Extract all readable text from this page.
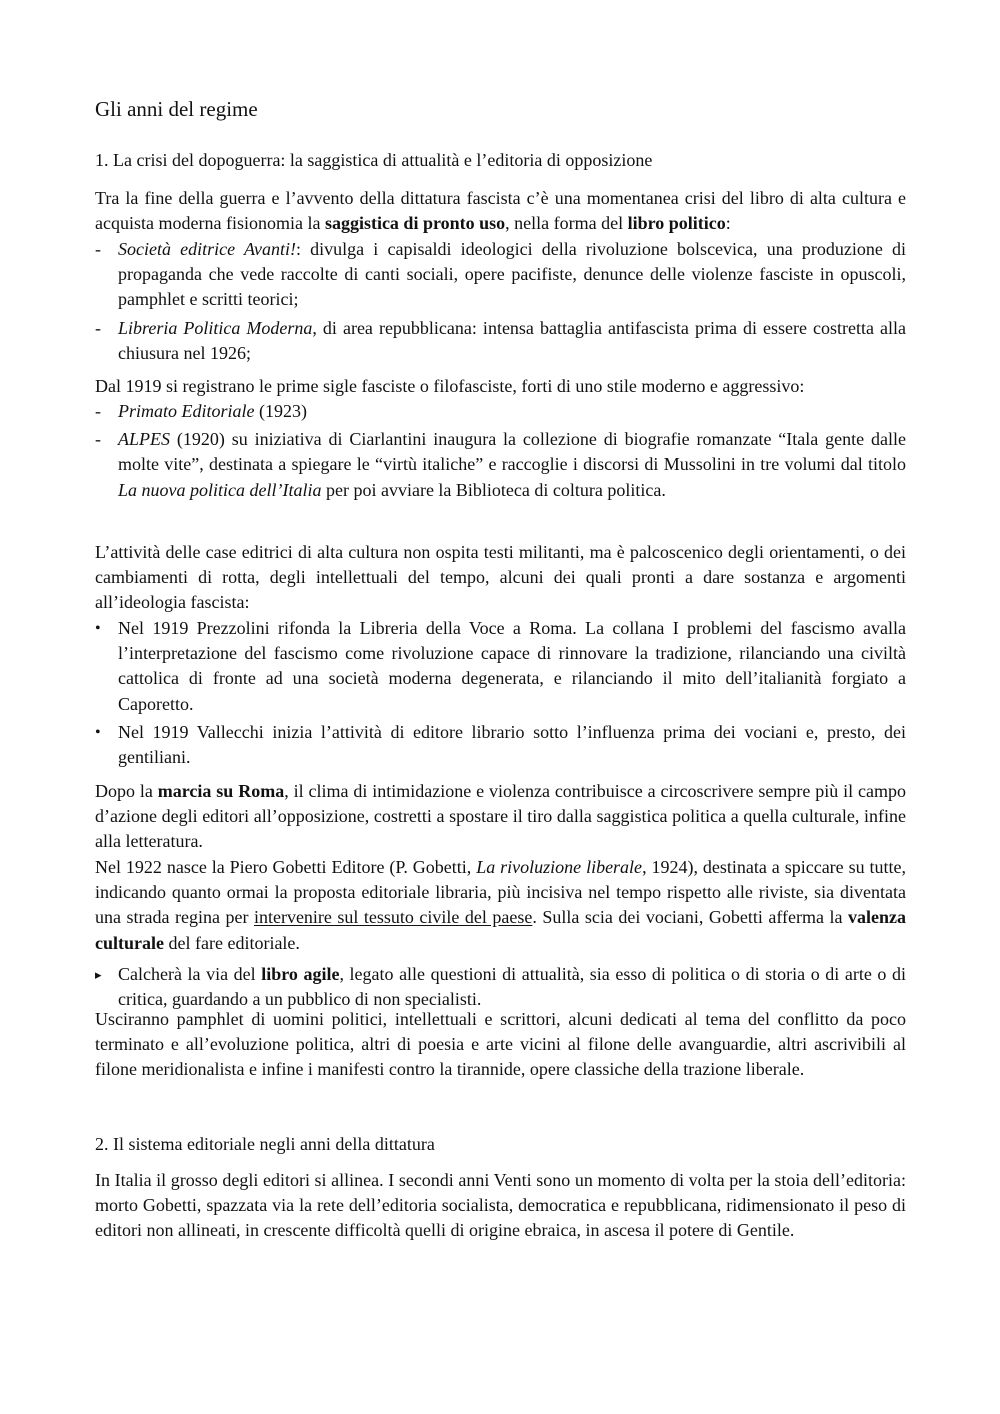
Gli anni del regime
1. La crisi del dopoguerra: la saggistica di attualità e l’editoria di opposizione

Tra la fine della guerra e l’avvento della dittatura fascista c’è una momentanea crisi del libro di alta cultura e acquista moderna fisionomia la saggistica di pronto uso, nella forma del libro politico:

- Società editrice Avanti!: divulga i capisaldi ideologici della rivoluzione bolscevica, una produzione di propaganda che vede raccolte di canti sociali, opere pacifiste, denunce delle violenze fasciste in opuscoli, pamphlet e scritti teorici;
- Libreria Politica Moderna, di area repubblicana: intensa battaglia antifascista prima di essere costretta alla chiusura nel 1926;

Dal 1919 si registrano le prime sigle fasciste o filofasciste, forti di uno stile moderno e aggressivo:

- Primato Editoriale (1923)
- ALPES (1920) su iniziativa di Ciarlantini inaugura la collezione di biografie romanzate “Itala gente dalle molte vite”, destinata a spiegare le “virtù italiche” e raccoglie i discorsi di Mussolini in tre volumi dal titolo La nuova politica dell’Italia per poi avviare la Biblioteca di coltura politica.

L’attività delle case editrici di alta cultura non ospita testi militanti, ma è palcoscenico degli orientamenti, o dei cambiamenti di rotta, degli intellettuali del tempo, alcuni dei quali pronti a dare sostanza e argomenti all’ideologia fascista:

• Nel 1919 Prezzolini rifonda la Libreria della Voce a Roma. La collana I problemi del fascismo avalla l’interpretazione del fascismo come rivoluzione capace di rinnovare la tradizione, rilanciando una civiltà cattolica di fronte ad una società moderna degenerata, e rilanciando il mito dell’italianità forgiato a Caporetto.
• Nel 1919 Vallecchi inizia l’attività di editore librario sotto l’influenza prima dei vociani e, presto, dei gentiliani.

Dopo la marcia su Roma, il clima di intimidazione e violenza contribuisce a circoscrivere sempre più il campo d’azione degli editori all’opposizione, costretti a spostare il tiro dalla saggistica politica a quella culturale, infine alla letteratura.

Nel 1922 nasce la Piero Gobetti Editore (P. Gobetti, La rivoluzione liberale, 1924), destinata a spiccare su tutte, indicando quanto ormai la proposta editoriale libraria, più incisiva nel tempo rispetto alle riviste, sia diventata una strada regina per intervenire sul tessuto civile del paese. Sulla scia dei vociani, Gobetti afferma la valenza culturale del fare editoriale.

▸ Calcherà la via del libro agile, legato alle questioni di attualità, sia esso di politica o di storia o di arte o di critica, guardando a un pubblico di non specialisti.

Usciranno pamphlet di uomini politici, intellettuali e scrittori, alcuni dedicati al tema del conflitto da poco terminato e all’evoluzione politica, altri di poesia e arte vicini al filone delle avanguardie, altri ascrivibili al filone meridionalista e infine i manifesti contro la tirannide, opere classiche della trazione liberale.

2. Il sistema editoriale negli anni della dittatura

In Italia il grosso degli editori si allinea. I secondi anni Venti sono un momento di volta per la stoia dell’editoria: morto Gobetti, spazzata via la rete dell’editoria socialista, democratica e repubblicana, ridimensionato il peso di editori non allineati, in crescente difficoltà quelli di origine ebraica, in ascesa il potere di Gentile.
